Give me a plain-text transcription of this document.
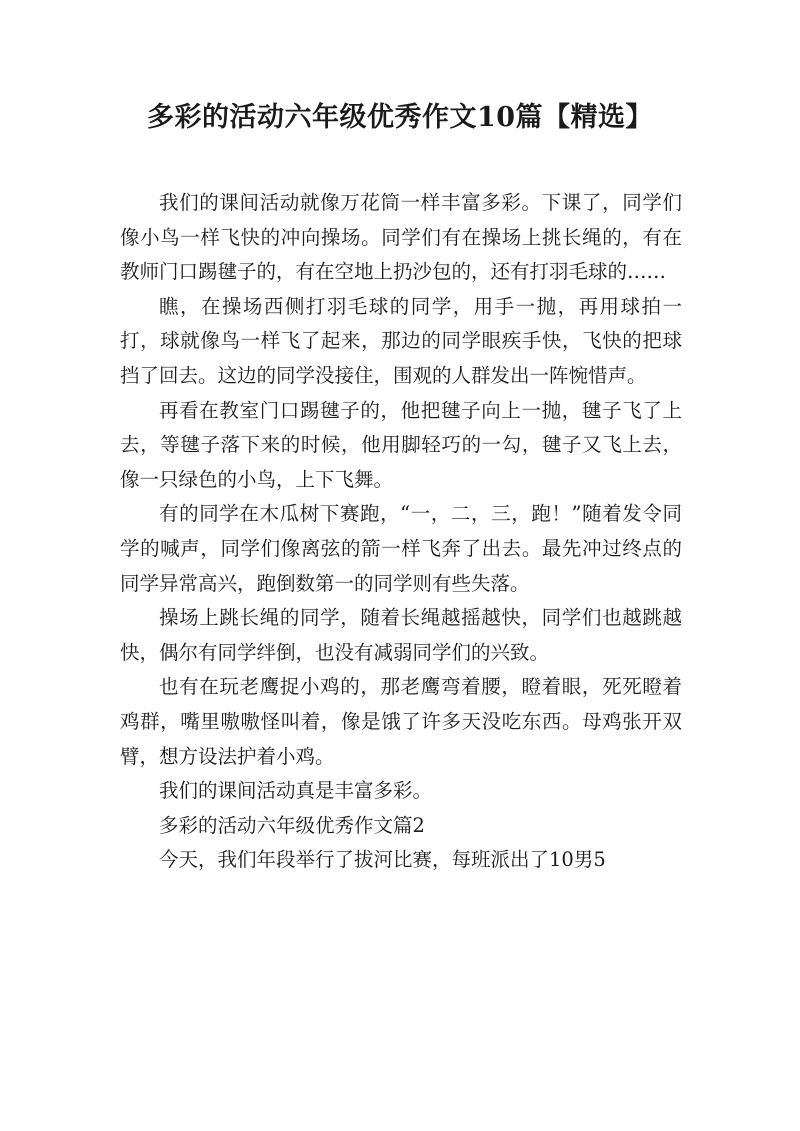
多彩的活动六年级优秀作文10篇【精选】

我们的课间活动就像万花筒一样丰富多彩。下课了，同学们像小鸟一样飞快的冲向操场。同学们有在操场上挑长绳的，有在教师门口踢毽子的，有在空地上扔沙包的，还有打羽毛球的……

瞧，在操场西侧打羽毛球的同学，用手一抛，再用球拍一打，球就像鸟一样飞了起来，那边的同学眼疾手快，飞快的把球挡了回去。这边的同学没接住，围观的人群发出一阵惋惜声。

再看在教室门口踢毽子的，他把毽子向上一抛，毽子飞了上去，等毽子落下来的时候，他用脚轻巧的一勾，毽子又飞上去，像一只绿色的小鸟，上下飞舞。

有的同学在木瓜树下赛跑，“一，二，三，跑！”随着发令同学的喊声，同学们像离弦的箭一样飞奔了出去。最先冲过终点的同学异常高兴，跑倒数第一的同学则有些失落。

操场上跳长绳的同学，随着长绳越摇越快，同学们也越跳越快，偶尔有同学绊倒，也没有减弱同学们的兴致。

也有在玩老鹰捉小鸡的，那老鹰弯着腰，瞪着眼，死死瞪着鸡群，嘴里嗷嗷怪叫着，像是饿了许多天没吃东西。母鸡张开双臂，想方设法护着小鸡。

我们的课间活动真是丰富多彩。

多彩的活动六年级优秀作文篇2

今天，我们年段举行了拔河比赛，每班派出了10男5
